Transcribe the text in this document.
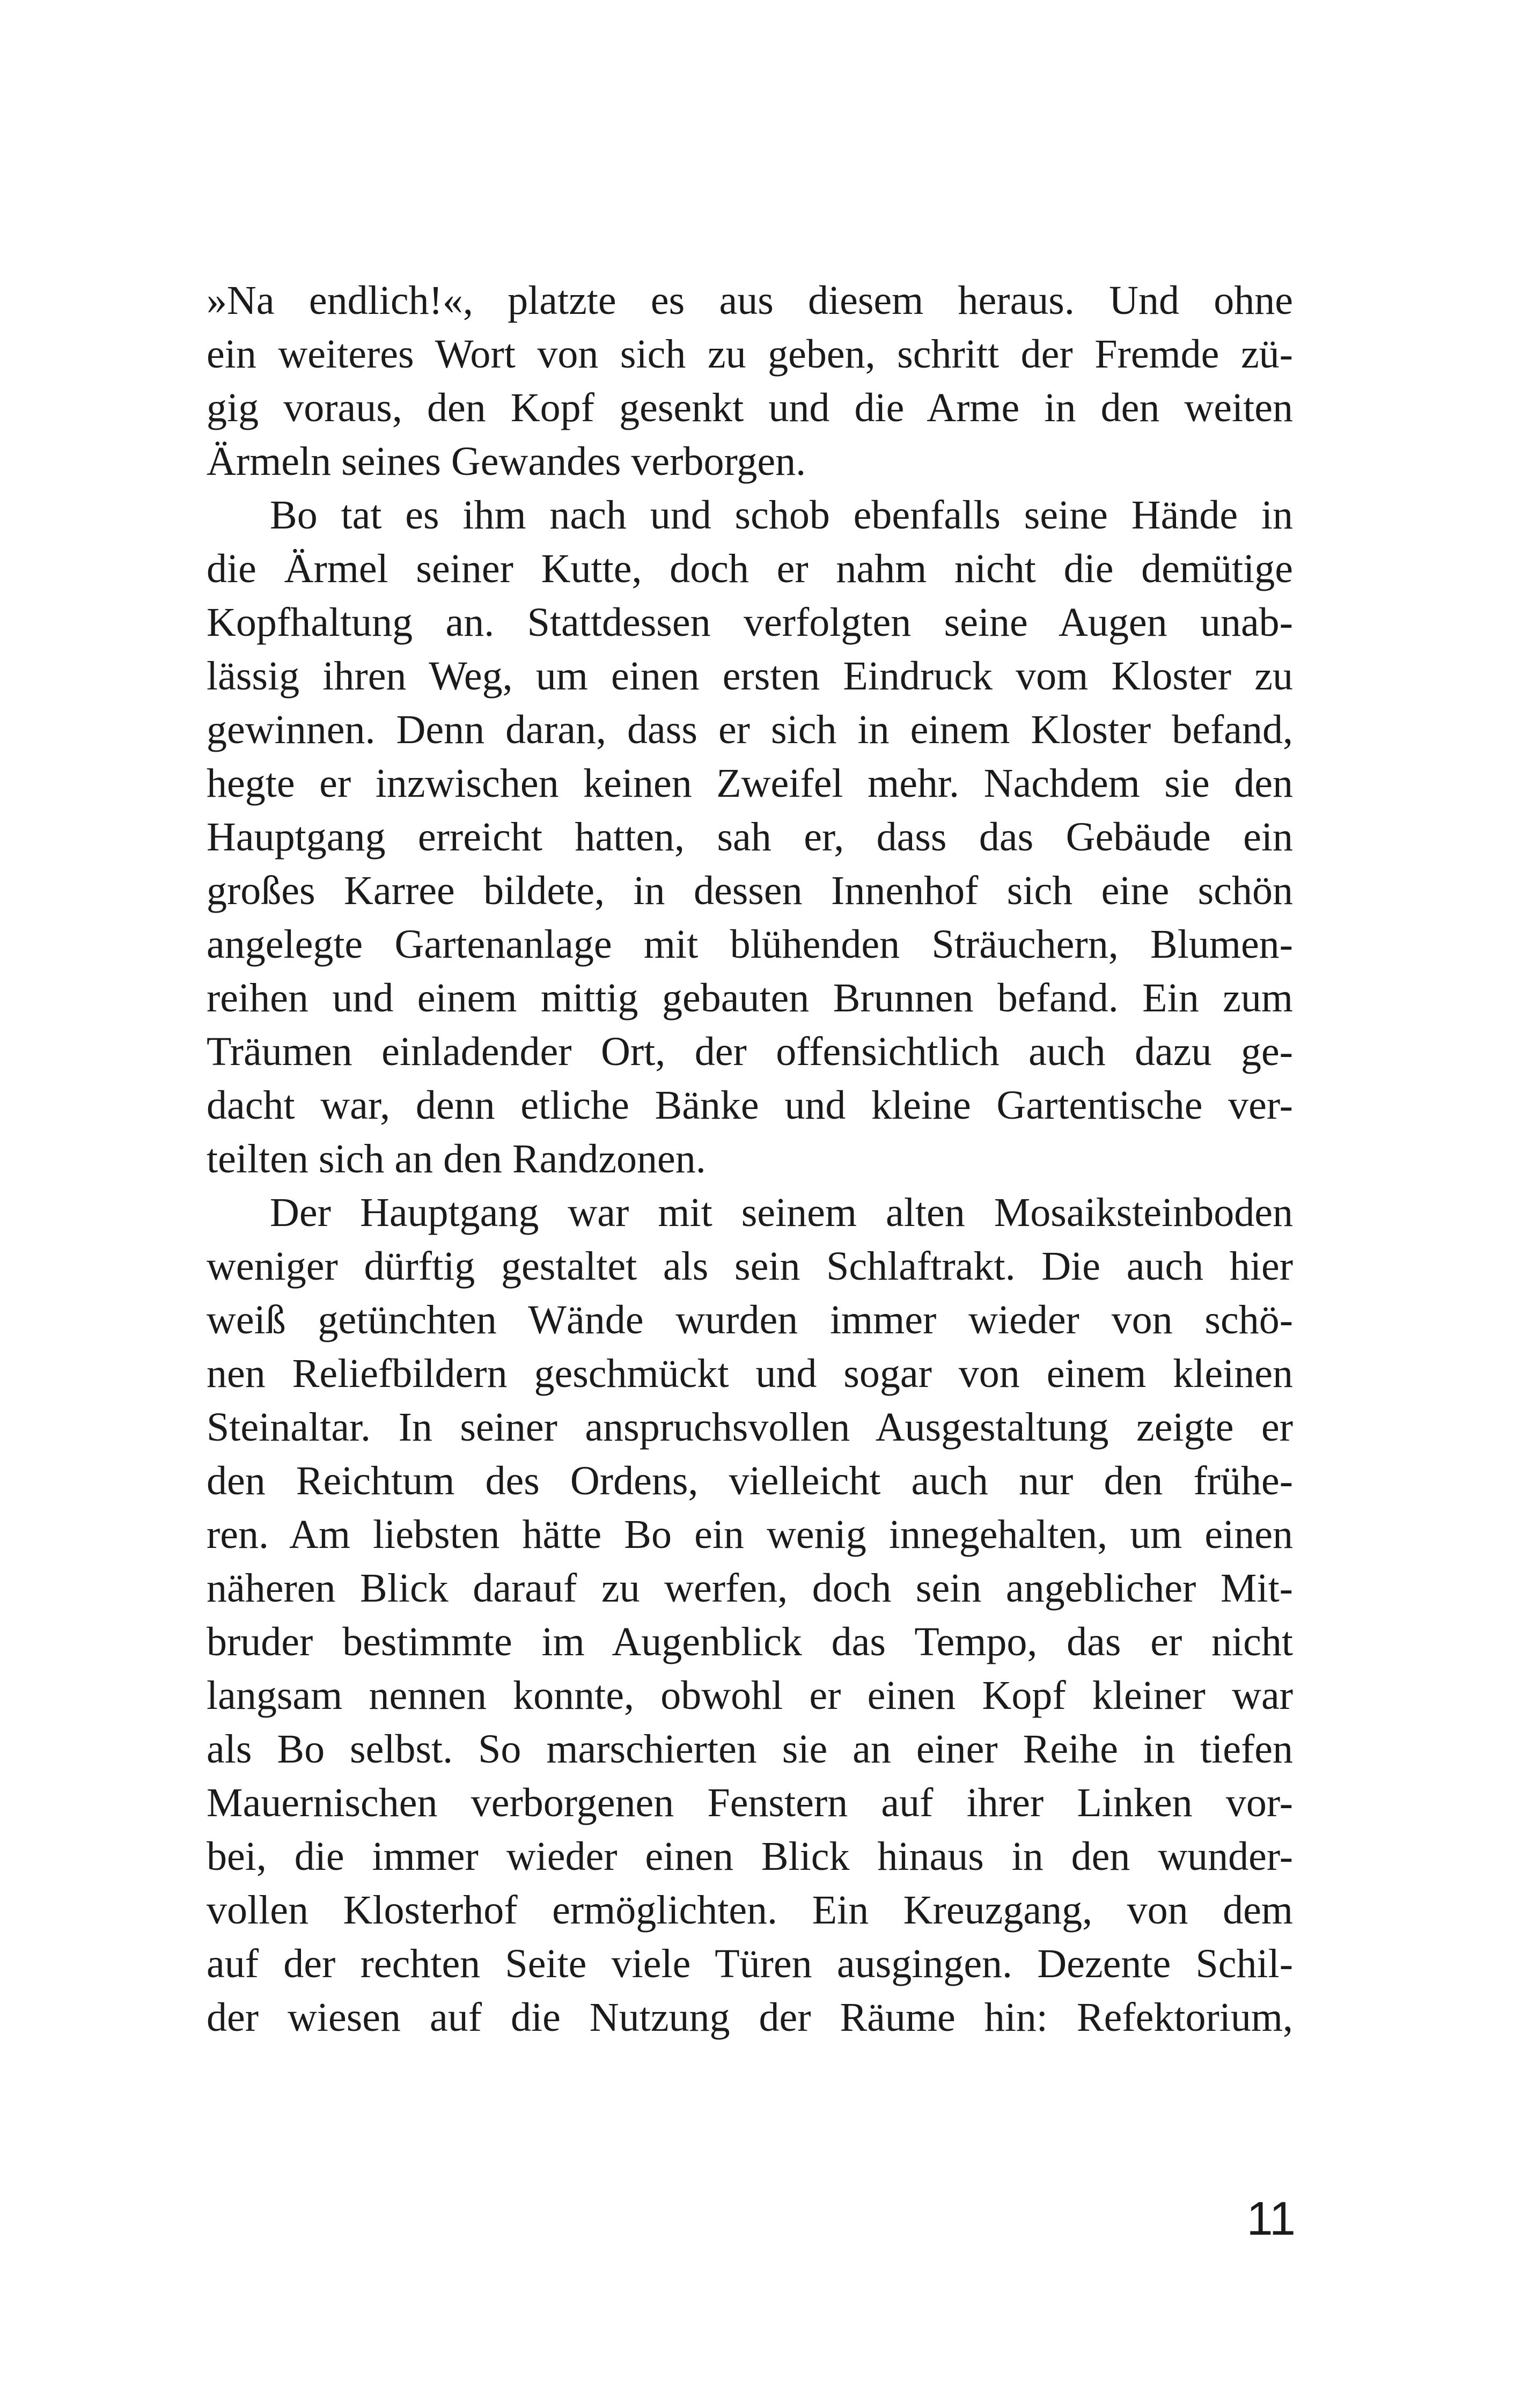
»Na endlich!«, platzte es aus diesem heraus. Und ohne
ein weiteres Wort von sich zu geben, schritt der Fremde zü-
gig voraus, den Kopf gesenkt und die Arme in den weiten
Ärmeln seines Gewandes verborgen.
Bo tat es ihm nach und schob ebenfalls seine Hände in
die Ärmel seiner Kutte, doch er nahm nicht die demütige
Kopfhaltung an. Stattdessen verfolgten seine Augen unab-
lässig ihren Weg, um einen ersten Eindruck vom Kloster zu
gewinnen. Denn daran, dass er sich in einem Kloster befand,
hegte er inzwischen keinen Zweifel mehr. Nachdem sie den
Hauptgang erreicht hatten, sah er, dass das Gebäude ein
großes Karree bildete, in dessen Innenhof sich eine schön
angelegte Gartenanlage mit blühenden Sträuchern, Blumen-
reihen und einem mittig gebauten Brunnen befand. Ein zum
Träumen einladender Ort, der offensichtlich auch dazu ge-
dacht war, denn etliche Bänke und kleine Gartentische ver-
teilten sich an den Randzonen.
Der Hauptgang war mit seinem alten Mosaiksteinboden
weniger dürftig gestaltet als sein Schlaftrakt. Die auch hier
weiß getünchten Wände wurden immer wieder von schö-
nen Reliefbildern geschmückt und sogar von einem kleinen
Steinaltar. In seiner anspruchsvollen Ausgestaltung zeigte er
den Reichtum des Ordens, vielleicht auch nur den frühe-
ren. Am liebsten hätte Bo ein wenig innegehalten, um einen
näheren Blick darauf zu werfen, doch sein angeblicher Mit-
bruder bestimmte im Augenblick das Tempo, das er nicht
langsam nennen konnte, obwohl er einen Kopf kleiner war
als Bo selbst. So marschierten sie an einer Reihe in tiefen
Mauernischen verborgenen Fenstern auf ihrer Linken vor-
bei, die immer wieder einen Blick hinaus in den wunder-
vollen Klosterhof ermöglichten. Ein Kreuzgang, von dem
auf der rechten Seite viele Türen ausgingen. Dezente Schil-
der wiesen auf die Nutzung der Räume hin: Refektorium,
11
